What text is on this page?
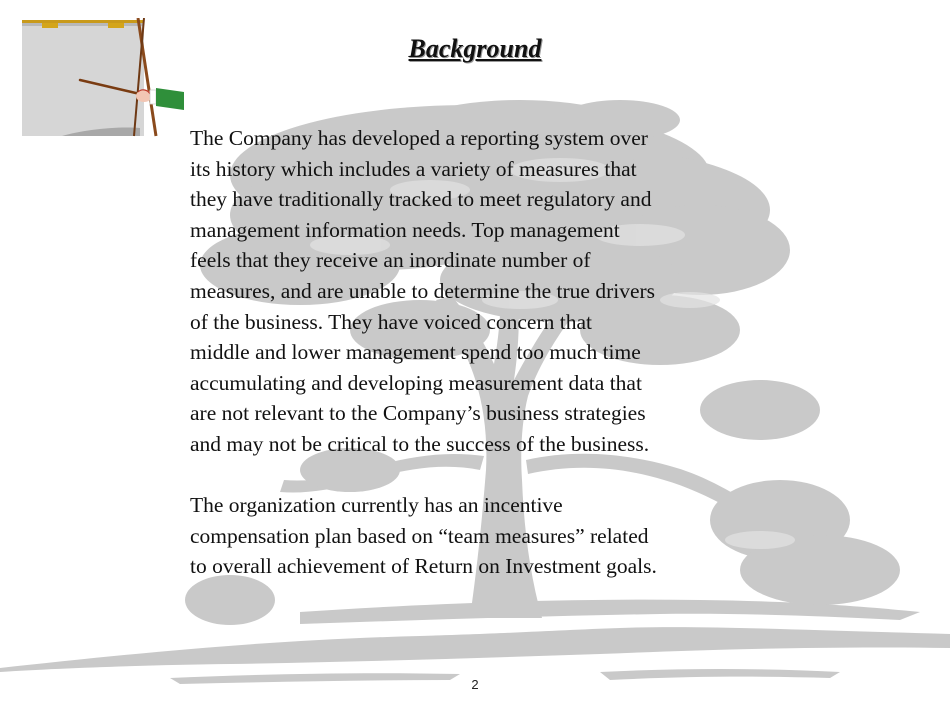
Background

The Company has developed a reporting system over
its history which includes a variety of measures that
they have traditionally tracked to meet regulatory and
management information needs. Top management
feels that they receive an inordinate number of
measures, and are unable to determine the true drivers
of the business. They have voiced concern that
middle and lower management spend too much time
accumulating and developing measurement data that
are not relevant to the Company’s business strategies
and may not be critical to the success of the business.

The organization currently has an incentive
compensation plan based on “team measures” related
to overall achievement of Return on Investment goals.

2
